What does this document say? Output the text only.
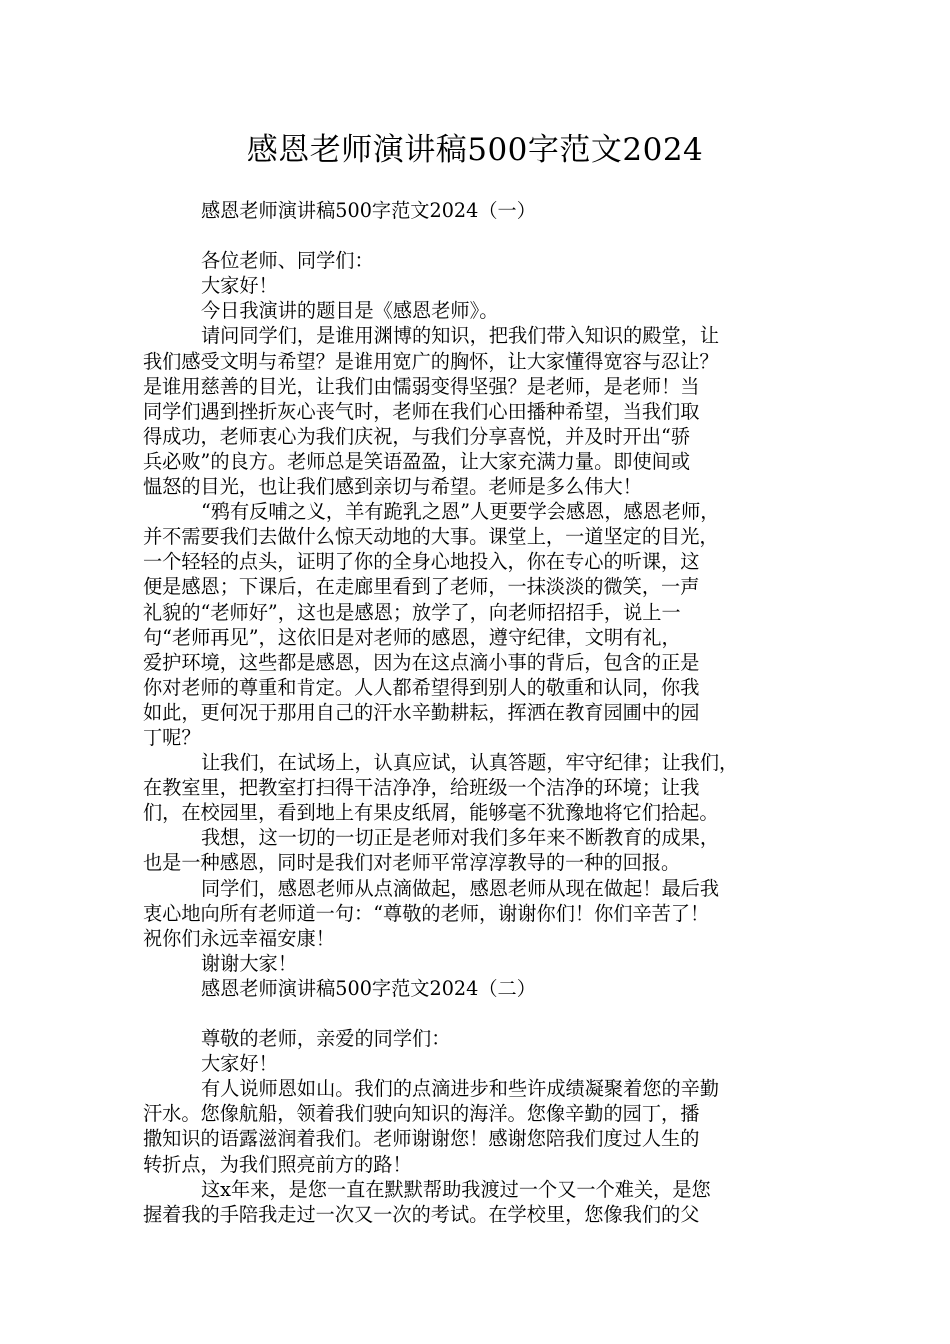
感恩老师演讲稿500字范文2024
感恩老师演讲稿500字范文2024（一）
各位老师、同学们：
大家好！
今日我演讲的题目是《感恩老师》。
请问同学们，是谁用渊博的知识，把我们带入知识的殿堂，让
我们感受文明与希望？是谁用宽广的胸怀，让大家懂得宽容与忍让？
是谁用慈善的目光，让我们由懦弱变得坚强？是老师，是老师！当
同学们遇到挫折灰心丧气时，老师在我们心田播种希望，当我们取
得成功，老师衷心为我们庆祝，与我们分享喜悦，并及时开出“骄
兵必败”的良方。老师总是笑语盈盈，让大家充满力量。即使间或
愠怒的目光，也让我们感到亲切与希望。老师是多么伟大！
“鸦有反哺之义，羊有跪乳之恩”人更要学会感恩，感恩老师，
并不需要我们去做什么惊天动地的大事。课堂上，一道坚定的目光，
一个轻轻的点头，证明了你的全身心地投入，你在专心的听课，这
便是感恩；下课后，在走廊里看到了老师，一抹淡淡的微笑，一声
礼貌的“老师好”，这也是感恩；放学了，向老师招招手，说上一
句“老师再见”，这依旧是对老师的感恩，遵守纪律，文明有礼，
爱护环境，这些都是感恩，因为在这点滴小事的背后，包含的正是
你对老师的尊重和肯定。人人都希望得到别人的敬重和认同，你我
如此，更何况于那用自己的汗水辛勤耕耘，挥洒在教育园圃中的园
丁呢？
让我们，在试场上，认真应试，认真答题，牢守纪律；让我们，
在教室里，把教室打扫得干洁净净，给班级一个洁净的环境；让我
们，在校园里，看到地上有果皮纸屑，能够毫不犹豫地将它们拾起。
我想，这一切的一切正是老师对我们多年来不断教育的成果，
也是一种感恩，同时是我们对老师平常淳淳教导的一种的回报。
同学们，感恩老师从点滴做起，感恩老师从现在做起！最后我
衷心地向所有老师道一句：“尊敬的老师，谢谢你们！你们辛苦了！
祝你们永远幸福安康！
谢谢大家！
感恩老师演讲稿500字范文2024（二）
尊敬的老师，亲爱的同学们：
大家好！
有人说师恩如山。我们的点滴进步和些许成绩凝聚着您的辛勤
汗水。您像航船，领着我们驶向知识的海洋。您像辛勤的园丁，播
撒知识的语露滋润着我们。老师谢谢您！感谢您陪我们度过人生的
转折点，为我们照亮前方的路！
这x年来，是您一直在默默帮助我渡过一个又一个难关，是您
握着我的手陪我走过一次又一次的考试。在学校里，您像我们的父
